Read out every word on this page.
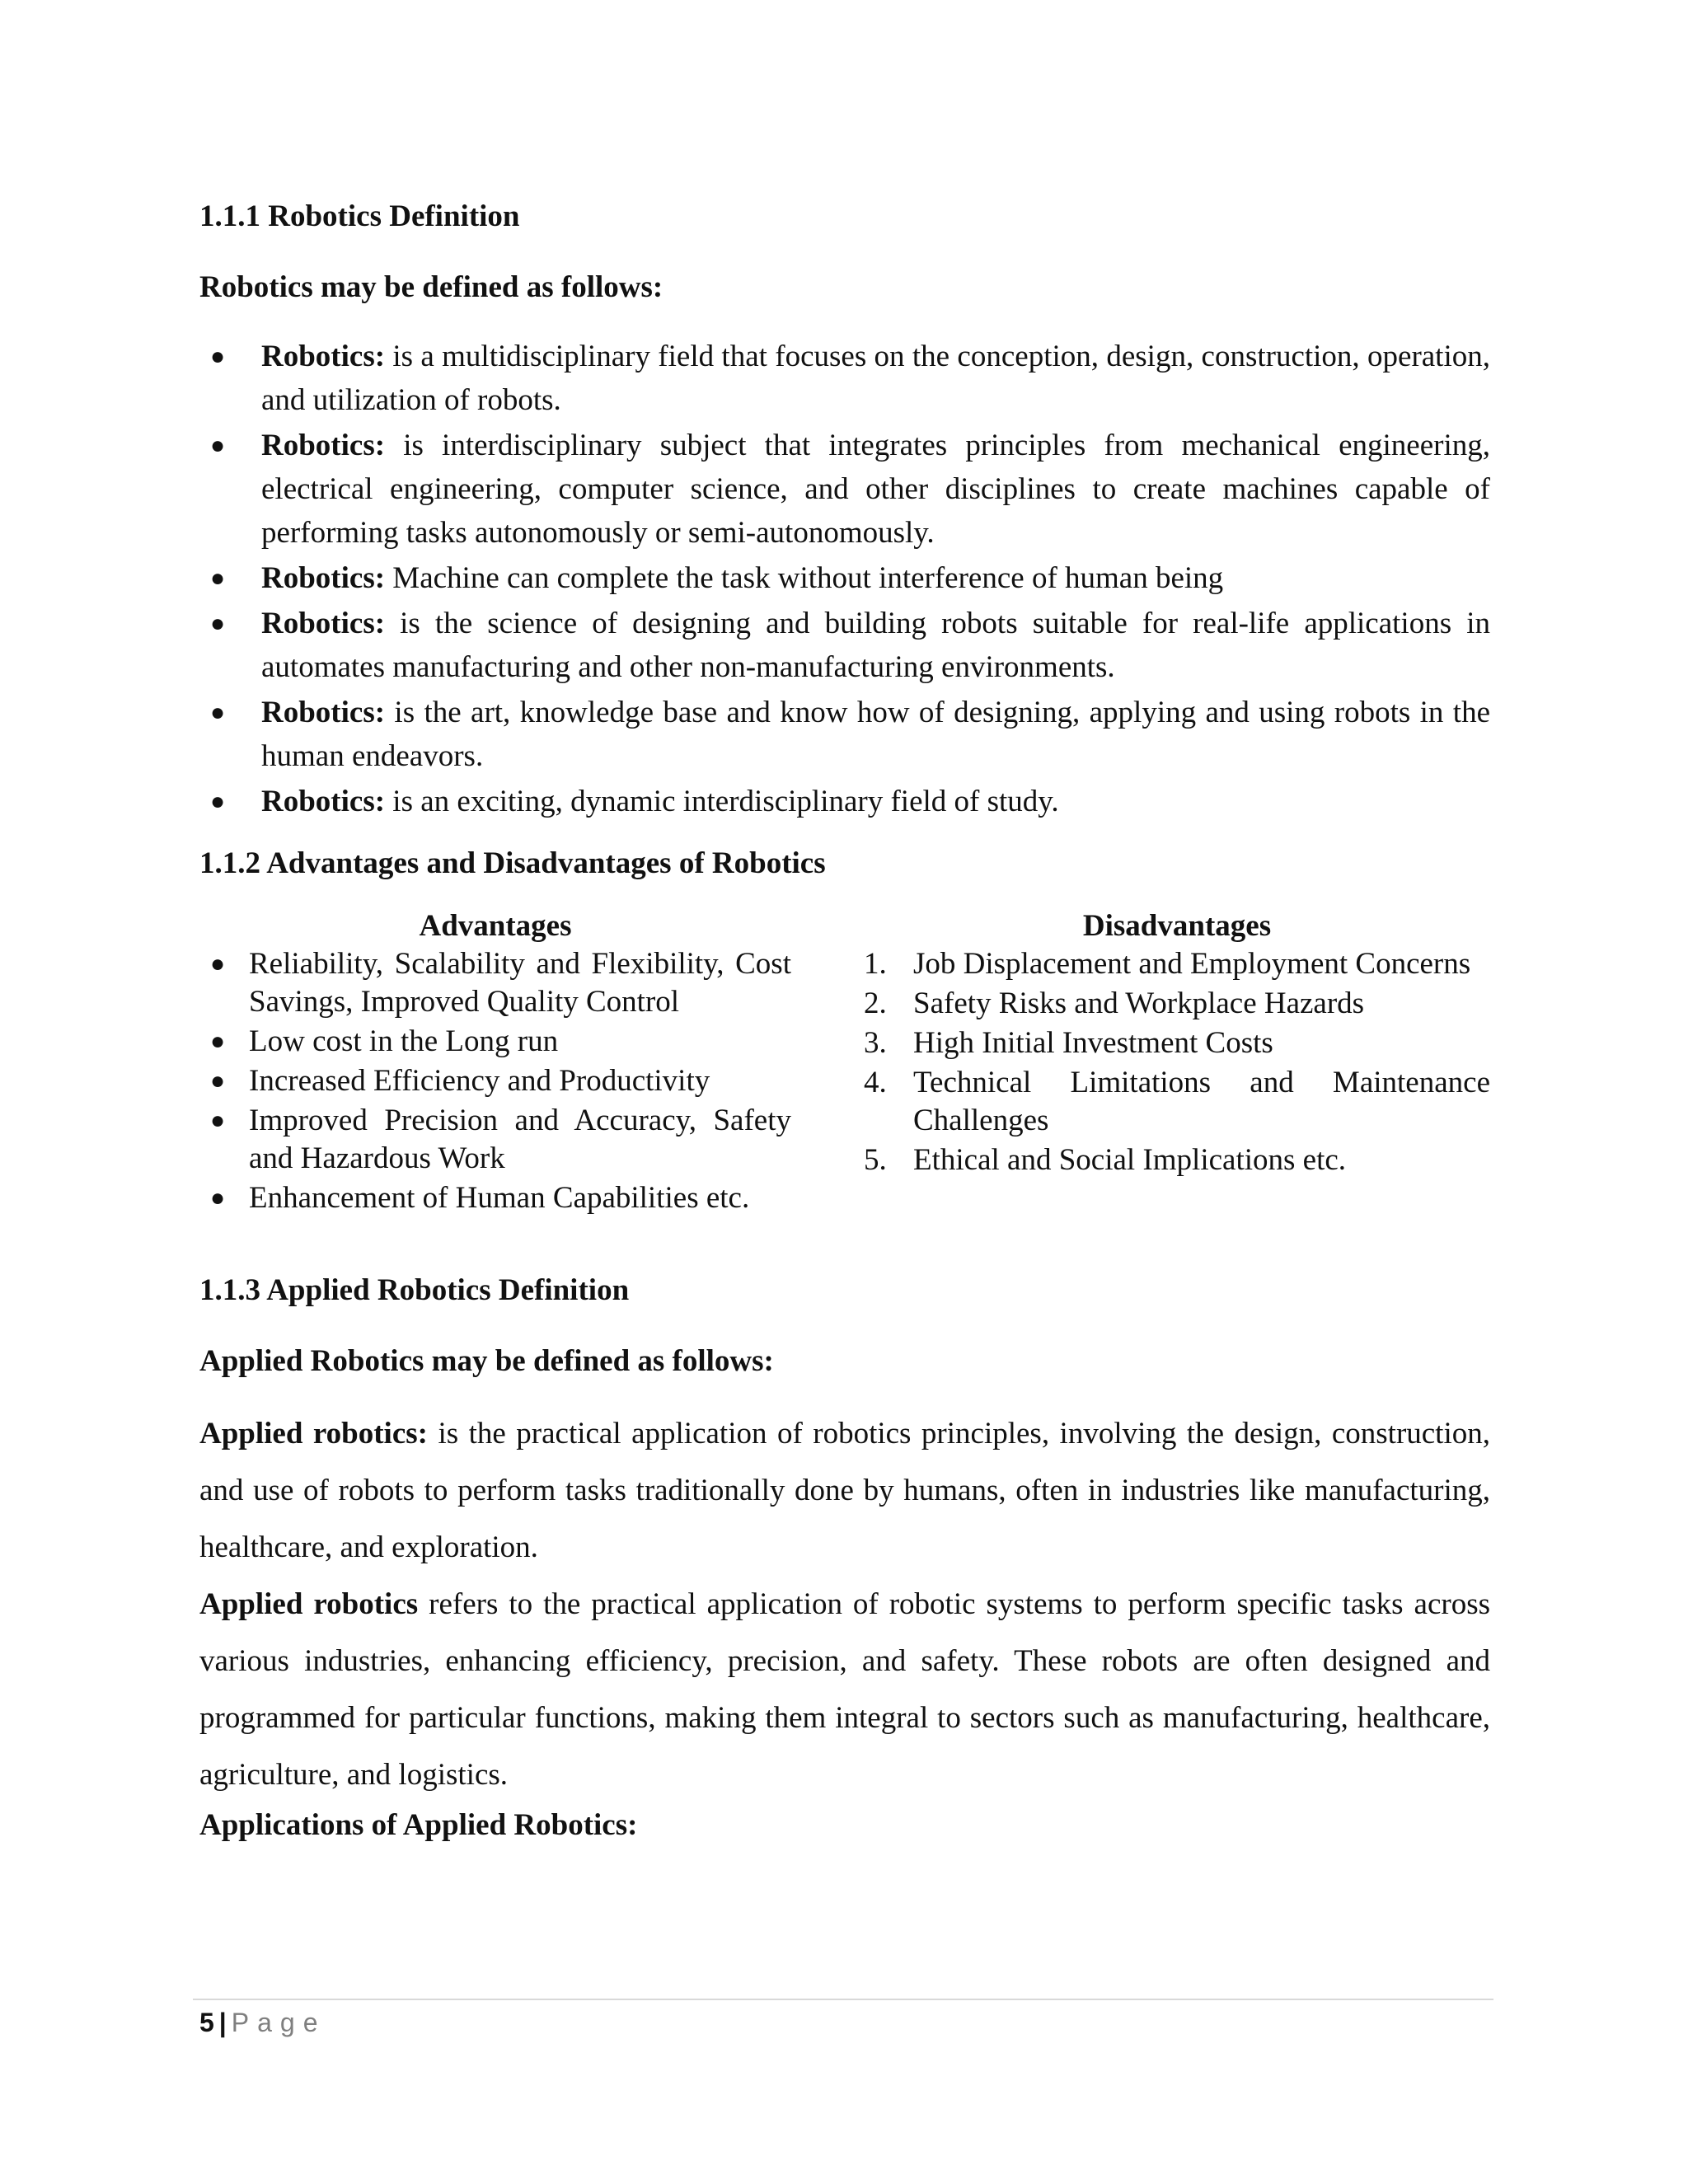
1.1.1 Robotics Definition

Robotics may be defined as follows:

● Robotics: is a multidisciplinary field that focuses on the conception, design, construction, operation, and utilization of robots.
● Robotics: is interdisciplinary subject that integrates principles from mechanical engineering, electrical engineering, computer science, and other disciplines to create machines capable of performing tasks autonomously or semi-autonomously.
● Robotics: Machine can complete the task without interference of human being
● Robotics: is the science of designing and building robots suitable for real-life applications in automates manufacturing and other non-manufacturing environments.
● Robotics: is the art, knowledge base and know how of designing, applying and using robots in the human endeavors.
● Robotics: is an exciting, dynamic interdisciplinary field of study.
1.1.2 Advantages and Disadvantages of Robotics
Advantages
● Reliability, Scalability and Flexibility, Cost Savings, Improved Quality Control
● Low cost in the Long run
● Increased Efficiency and Productivity
● Improved Precision and Accuracy, Safety and Hazardous Work
● Enhancement of Human Capabilities etc.
Disadvantages
1. Job Displacement and Employment Concerns
2. Safety Risks and Workplace Hazards
3. High Initial Investment Costs
4. Technical Limitations and Maintenance Challenges
5. Ethical and Social Implications etc.
1.1.3 Applied Robotics Definition

Applied Robotics may be defined as follows:

Applied robotics: is the practical application of robotics principles, involving the design, construction, and use of robots to perform tasks traditionally done by humans, often in industries like manufacturing, healthcare, and exploration.

Applied robotics refers to the practical application of robotic systems to perform specific tasks across various industries, enhancing efficiency, precision, and safety. These robots are often designed and programmed for particular functions, making them integral to sectors such as manufacturing, healthcare, agriculture, and logistics.

Applications of Applied Robotics:

5 | Page
